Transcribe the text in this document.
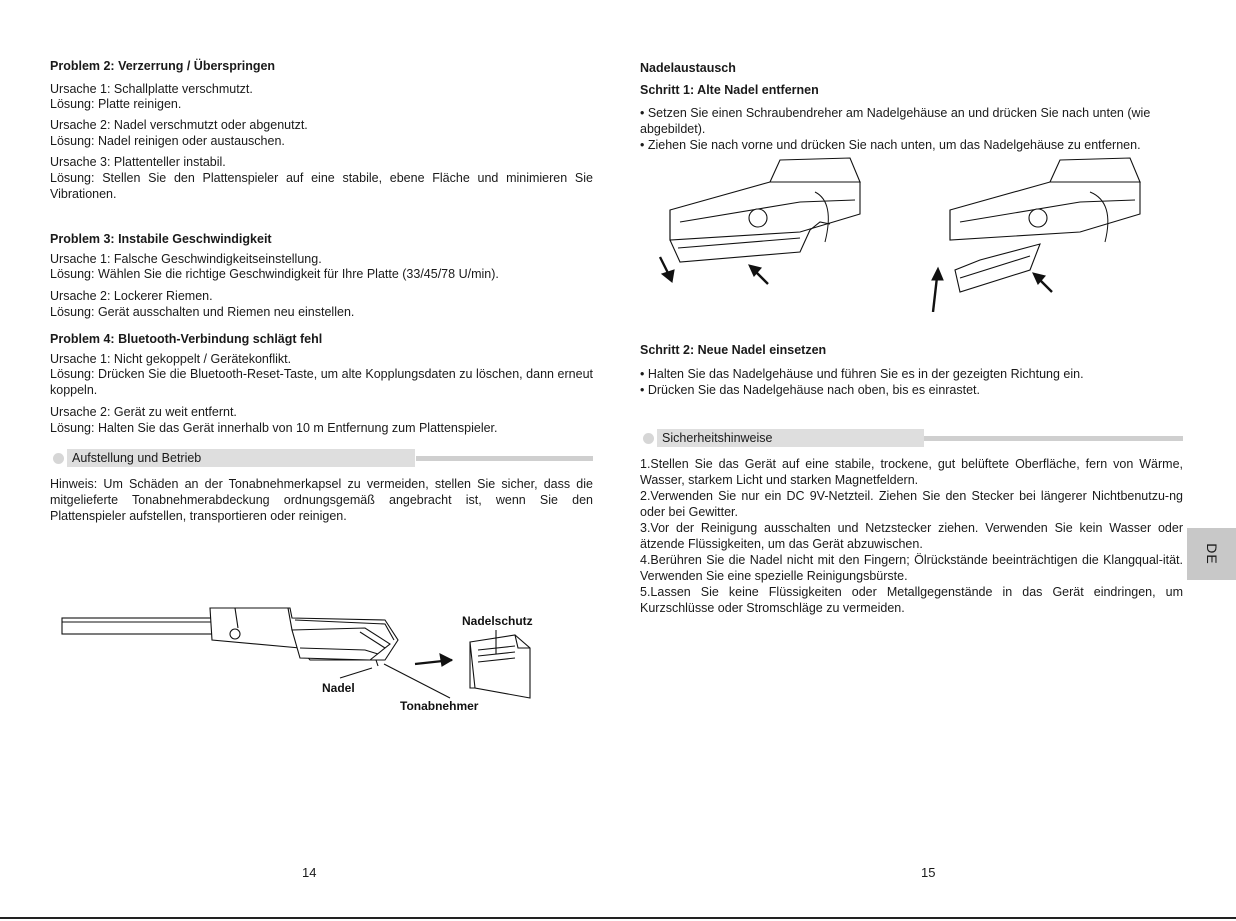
Problem 2: Verzerrung / Überspringen
Ursache 1: Schallplatte verschmutzt.
Lösung: Platte reinigen.
Ursache 2: Nadel verschmutzt oder abgenutzt.
Lösung: Nadel reinigen oder austauschen.
Ursache 3: Plattenteller instabil.
Lösung: Stellen Sie den Plattenspieler auf eine stabile, ebene Fläche und minimieren Sie Vibrationen.
Problem 3: Instabile Geschwindigkeit
Ursache 1: Falsche Geschwindigkeitseinstellung.
Lösung: Wählen Sie die richtige Geschwindigkeit für Ihre Platte (33/45/78 U/min).
Ursache 2: Lockerer Riemen.
Lösung: Gerät ausschalten und Riemen neu einstellen.
Problem 4: Bluetooth-Verbindung schlägt fehl
Ursache 1: Nicht gekoppelt / Gerätekonflikt.
Lösung: Drücken Sie die Bluetooth-Reset-Taste, um alte Kopplungsdaten zu löschen, dann erneut koppeln.
Ursache 2: Gerät zu weit entfernt.
Lösung: Halten Sie das Gerät innerhalb von 10 m Entfernung zum Plattenspieler.
Aufstellung und Betrieb
Hinweis: Um Schäden an der Tonabnehmerkapsel zu vermeiden, stellen Sie sicher, dass die mitgelieferte Tonabnehmerabdeckung ordnungsgemäß angebracht ist, wenn Sie den Plattenspieler aufstellen, transportieren oder reinigen.
Nadelschutz
Nadel
Tonabnehmer
14
Nadelaustausch
Schritt 1: Alte Nadel entfernen
• Setzen Sie einen Schraubendreher am Nadelgehäuse an und drücken Sie nach unten (wie abgebildet).
• Ziehen Sie nach vorne und drücken Sie nach unten, um das Nadelgehäuse zu entfernen.
Schritt 2: Neue Nadel einsetzen
• Halten Sie das Nadelgehäuse und führen Sie es in der gezeigten Richtung ein.
• Drücken Sie das Nadelgehäuse nach oben, bis es einrastet.
Sicherheitshinweise
1.Stellen Sie das Gerät auf eine stabile, trockene, gut belüftete Oberfläche, fern von Wärme, Wasser, starkem Licht und starken Magnetfeldern.
2.Verwenden Sie nur ein DC 9V-Netzteil. Ziehen Sie den Stecker bei längerer Nichtbenutzu-ng oder bei Gewitter.
3.Vor der Reinigung ausschalten und Netzstecker ziehen. Verwenden Sie kein Wasser oder ätzende Flüssigkeiten, um das Gerät abzuwischen.
4.Berühren Sie die Nadel nicht mit den Fingern; Ölrückstände beeinträchtigen die Klangqual-ität. Verwenden Sie eine spezielle Reinigungsbürste.
5.Lassen Sie keine Flüssigkeiten oder Metallgegenstände in das Gerät eindringen, um Kurzschlüsse oder Stromschläge zu vermeiden.
15
DE
